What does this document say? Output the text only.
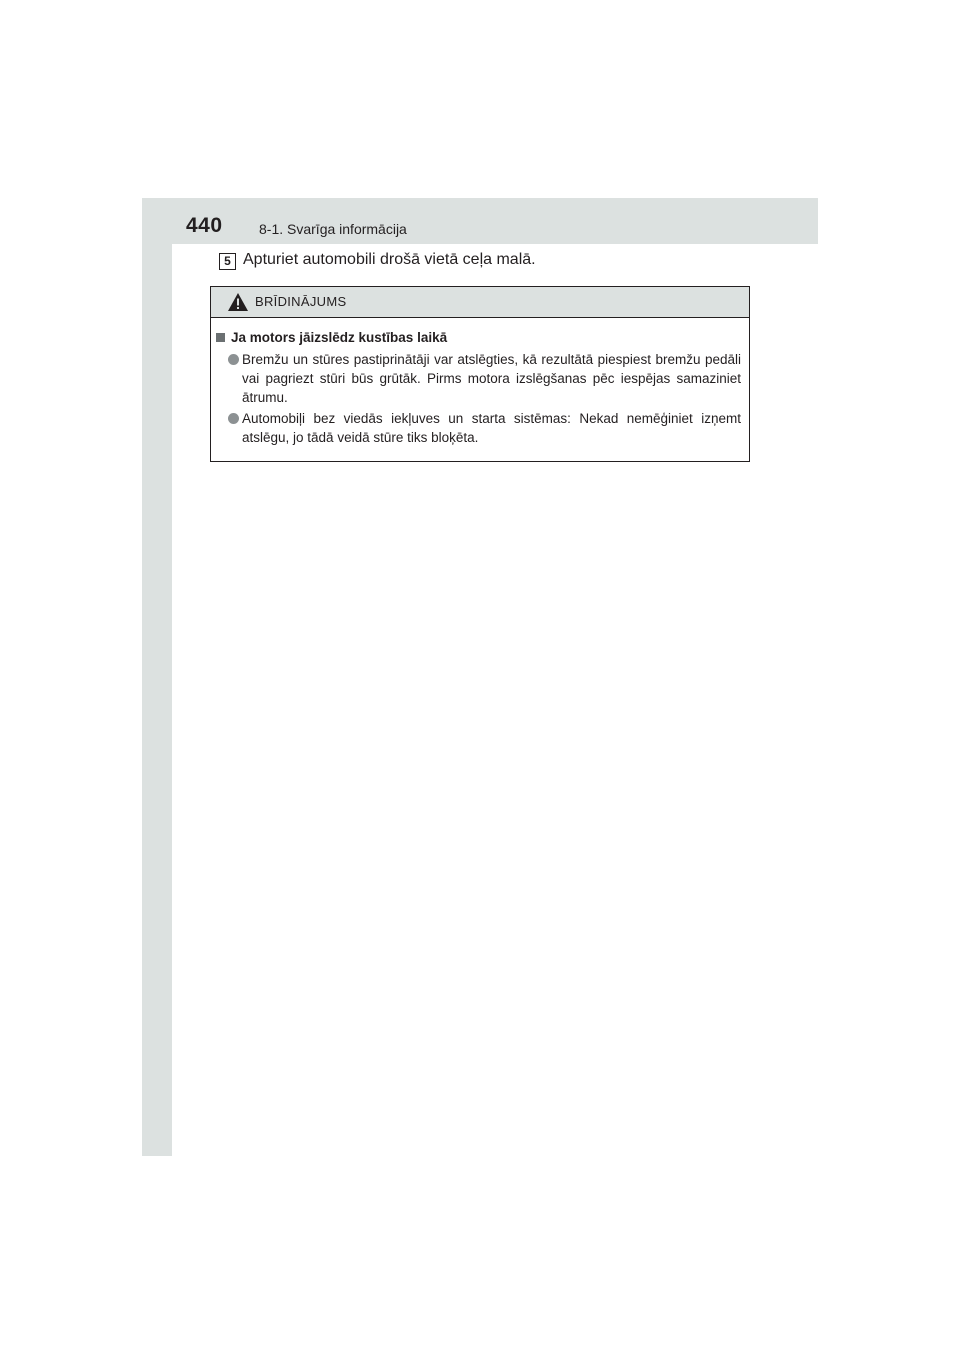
440	8-1. Svarīga informācija
5 Apturiet automobili drošā vietā ceļa malā.
BRĪDINĀJUMS
Ja motors jāizslēdz kustības laikā
Bremžu un stūres pastiprinātāji var atslēgties, kā rezultātā piespiest bremžu pedāli vai pagriezt stūri būs grūtāk. Pirms motora izslēgšanas pēc iespējas samaziniet ātrumu.
Automobiļi bez viedās iekļuves un starta sistēmas: Nekad nemēģiniet izņemt atslēgu, jo tādā veidā stūre tiks bloķēta.
